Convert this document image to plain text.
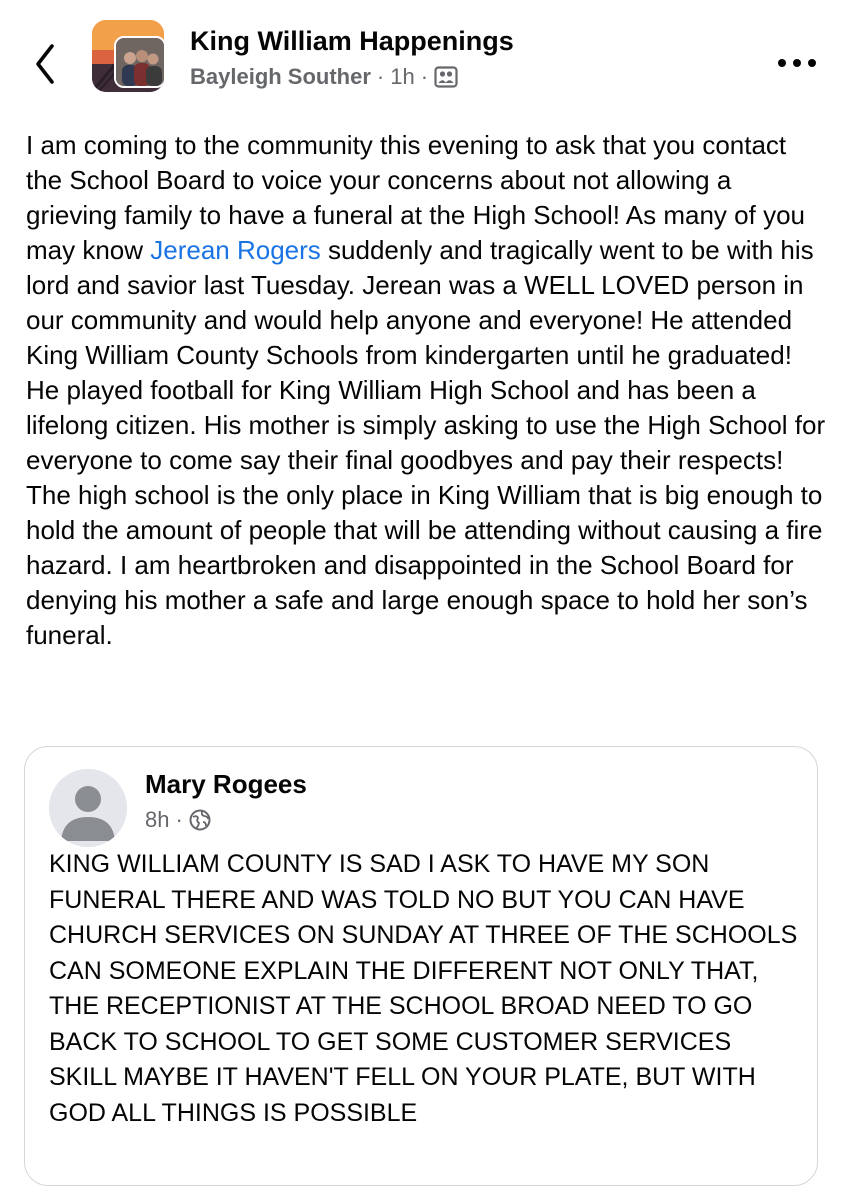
King William Happenings
Bayleigh Souther · 1h ·
I am coming to the community this evening to ask that you contact the School Board to voice your concerns about not allowing a grieving family to have a funeral at the High School! As many of you may know Jerean Rogers suddenly and tragically went to be with his lord and savior last Tuesday. Jerean was a WELL LOVED person in our community and would help anyone and everyone! He attended King William County Schools from kindergarten until he graduated! He played football for King William High School and has been a lifelong citizen. His mother is simply asking to use the High School for everyone to come say their final goodbyes and pay their respects! The high school is the only place in King William that is big enough to hold the amount of people that will be attending without causing a fire hazard. I am heartbroken and disappointed in the School Board for denying his mother a safe and large enough space to hold her son’s funeral.
Mary Rogees
8h ·
KING WILLIAM COUNTY IS SAD I ASK TO HAVE MY SON FUNERAL THERE AND WAS TOLD NO BUT YOU CAN HAVE CHURCH SERVICES ON SUNDAY AT THREE OF THE SCHOOLS CAN SOMEONE EXPLAIN THE DIFFERENT NOT ONLY THAT, THE RECEPTIONIST AT THE SCHOOL BROAD NEED TO GO BACK TO SCHOOL TO GET SOME CUSTOMER SERVICES SKILL MAYBE IT HAVEN'T FELL ON YOUR PLATE, BUT WITH GOD ALL THINGS IS POSSIBLE
